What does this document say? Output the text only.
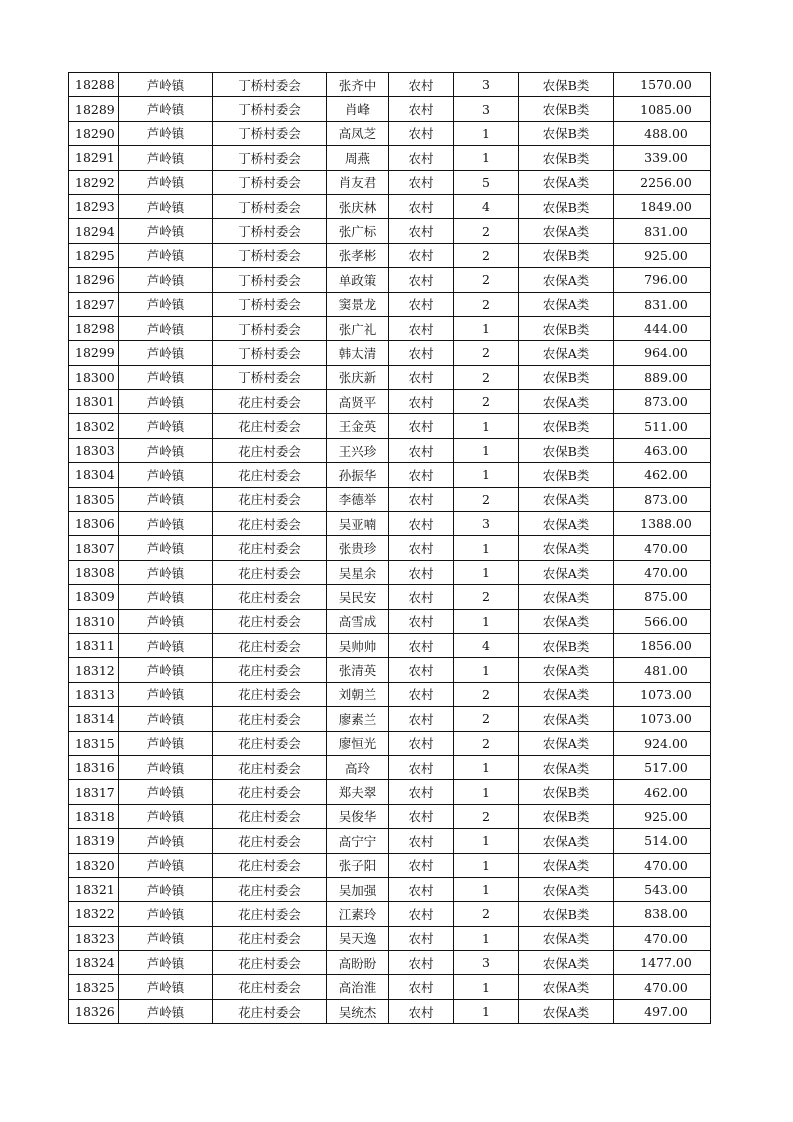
18288	芦岭镇	丁桥村委会	张齐中	农村	3	农保B类	1570.00
18289	芦岭镇	丁桥村委会	肖峰	农村	3	农保B类	1085.00
18290	芦岭镇	丁桥村委会	高凤芝	农村	1	农保B类	488.00
18291	芦岭镇	丁桥村委会	周燕	农村	1	农保B类	339.00
18292	芦岭镇	丁桥村委会	肖友君	农村	5	农保A类	2256.00
18293	芦岭镇	丁桥村委会	张庆林	农村	4	农保B类	1849.00
18294	芦岭镇	丁桥村委会	张广标	农村	2	农保A类	831.00
18295	芦岭镇	丁桥村委会	张孝彬	农村	2	农保B类	925.00
18296	芦岭镇	丁桥村委会	单政策	农村	2	农保A类	796.00
18297	芦岭镇	丁桥村委会	窦景龙	农村	2	农保A类	831.00
18298	芦岭镇	丁桥村委会	张广礼	农村	1	农保B类	444.00
18299	芦岭镇	丁桥村委会	韩太清	农村	2	农保A类	964.00
18300	芦岭镇	丁桥村委会	张庆新	农村	2	农保B类	889.00
18301	芦岭镇	花庄村委会	高贤平	农村	2	农保A类	873.00
18302	芦岭镇	花庄村委会	王金英	农村	1	农保B类	511.00
18303	芦岭镇	花庄村委会	王兴珍	农村	1	农保B类	463.00
18304	芦岭镇	花庄村委会	孙振华	农村	1	农保B类	462.00
18305	芦岭镇	花庄村委会	李德举	农村	2	农保A类	873.00
18306	芦岭镇	花庄村委会	吴亚喃	农村	3	农保A类	1388.00
18307	芦岭镇	花庄村委会	张贵珍	农村	1	农保A类	470.00
18308	芦岭镇	花庄村委会	吴星余	农村	1	农保A类	470.00
18309	芦岭镇	花庄村委会	吴民安	农村	2	农保A类	875.00
18310	芦岭镇	花庄村委会	高雪成	农村	1	农保A类	566.00
18311	芦岭镇	花庄村委会	吴帅帅	农村	4	农保B类	1856.00
18312	芦岭镇	花庄村委会	张清英	农村	1	农保A类	481.00
18313	芦岭镇	花庄村委会	刘朝兰	农村	2	农保A类	1073.00
18314	芦岭镇	花庄村委会	廖素兰	农村	2	农保A类	1073.00
18315	芦岭镇	花庄村委会	廖恒光	农村	2	农保A类	924.00
18316	芦岭镇	花庄村委会	高玲	农村	1	农保A类	517.00
18317	芦岭镇	花庄村委会	郑夫翠	农村	1	农保B类	462.00
18318	芦岭镇	花庄村委会	吴俊华	农村	2	农保B类	925.00
18319	芦岭镇	花庄村委会	高宁宁	农村	1	农保A类	514.00
18320	芦岭镇	花庄村委会	张子阳	农村	1	农保A类	470.00
18321	芦岭镇	花庄村委会	吴加强	农村	1	农保A类	543.00
18322	芦岭镇	花庄村委会	江素玲	农村	2	农保B类	838.00
18323	芦岭镇	花庄村委会	吴天逸	农村	1	农保A类	470.00
18324	芦岭镇	花庄村委会	高盼盼	农村	3	农保A类	1477.00
18325	芦岭镇	花庄村委会	高治淮	农村	1	农保A类	470.00
18326	芦岭镇	花庄村委会	吴统杰	农村	1	农保A类	497.00
